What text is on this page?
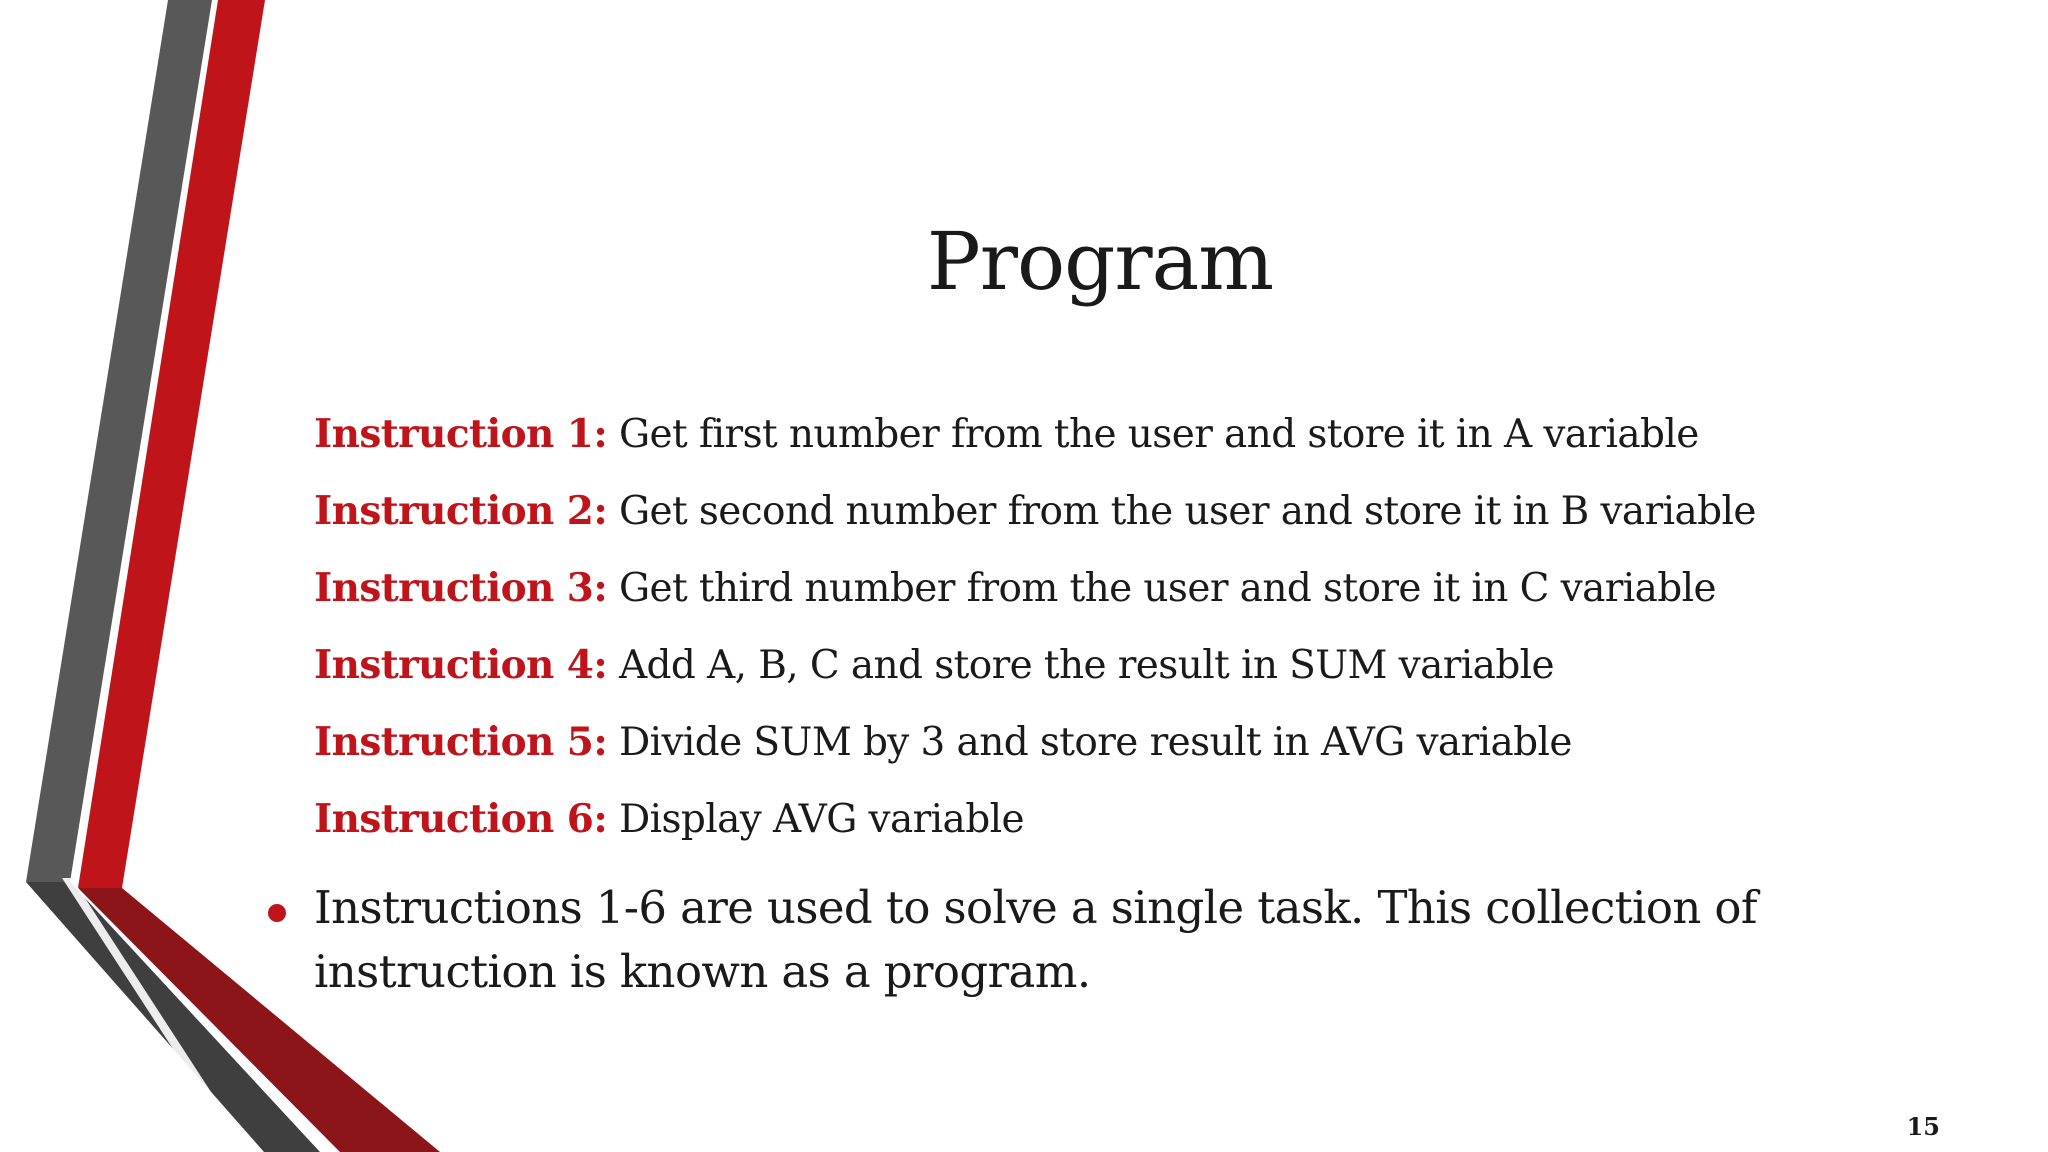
Program
Instruction 1: Get first number from the user and store it in A variable
Instruction 2: Get second number from the user and store it in B variable
Instruction 3: Get third number from the user and store it in C variable
Instruction 4: Add A, B, C and store the result in SUM variable
Instruction 5: Divide SUM by 3 and store result in AVG variable
Instruction 6: Display AVG variable
Instructions 1-6 are used to solve a single task. This collection of instruction is known as a program.
15
